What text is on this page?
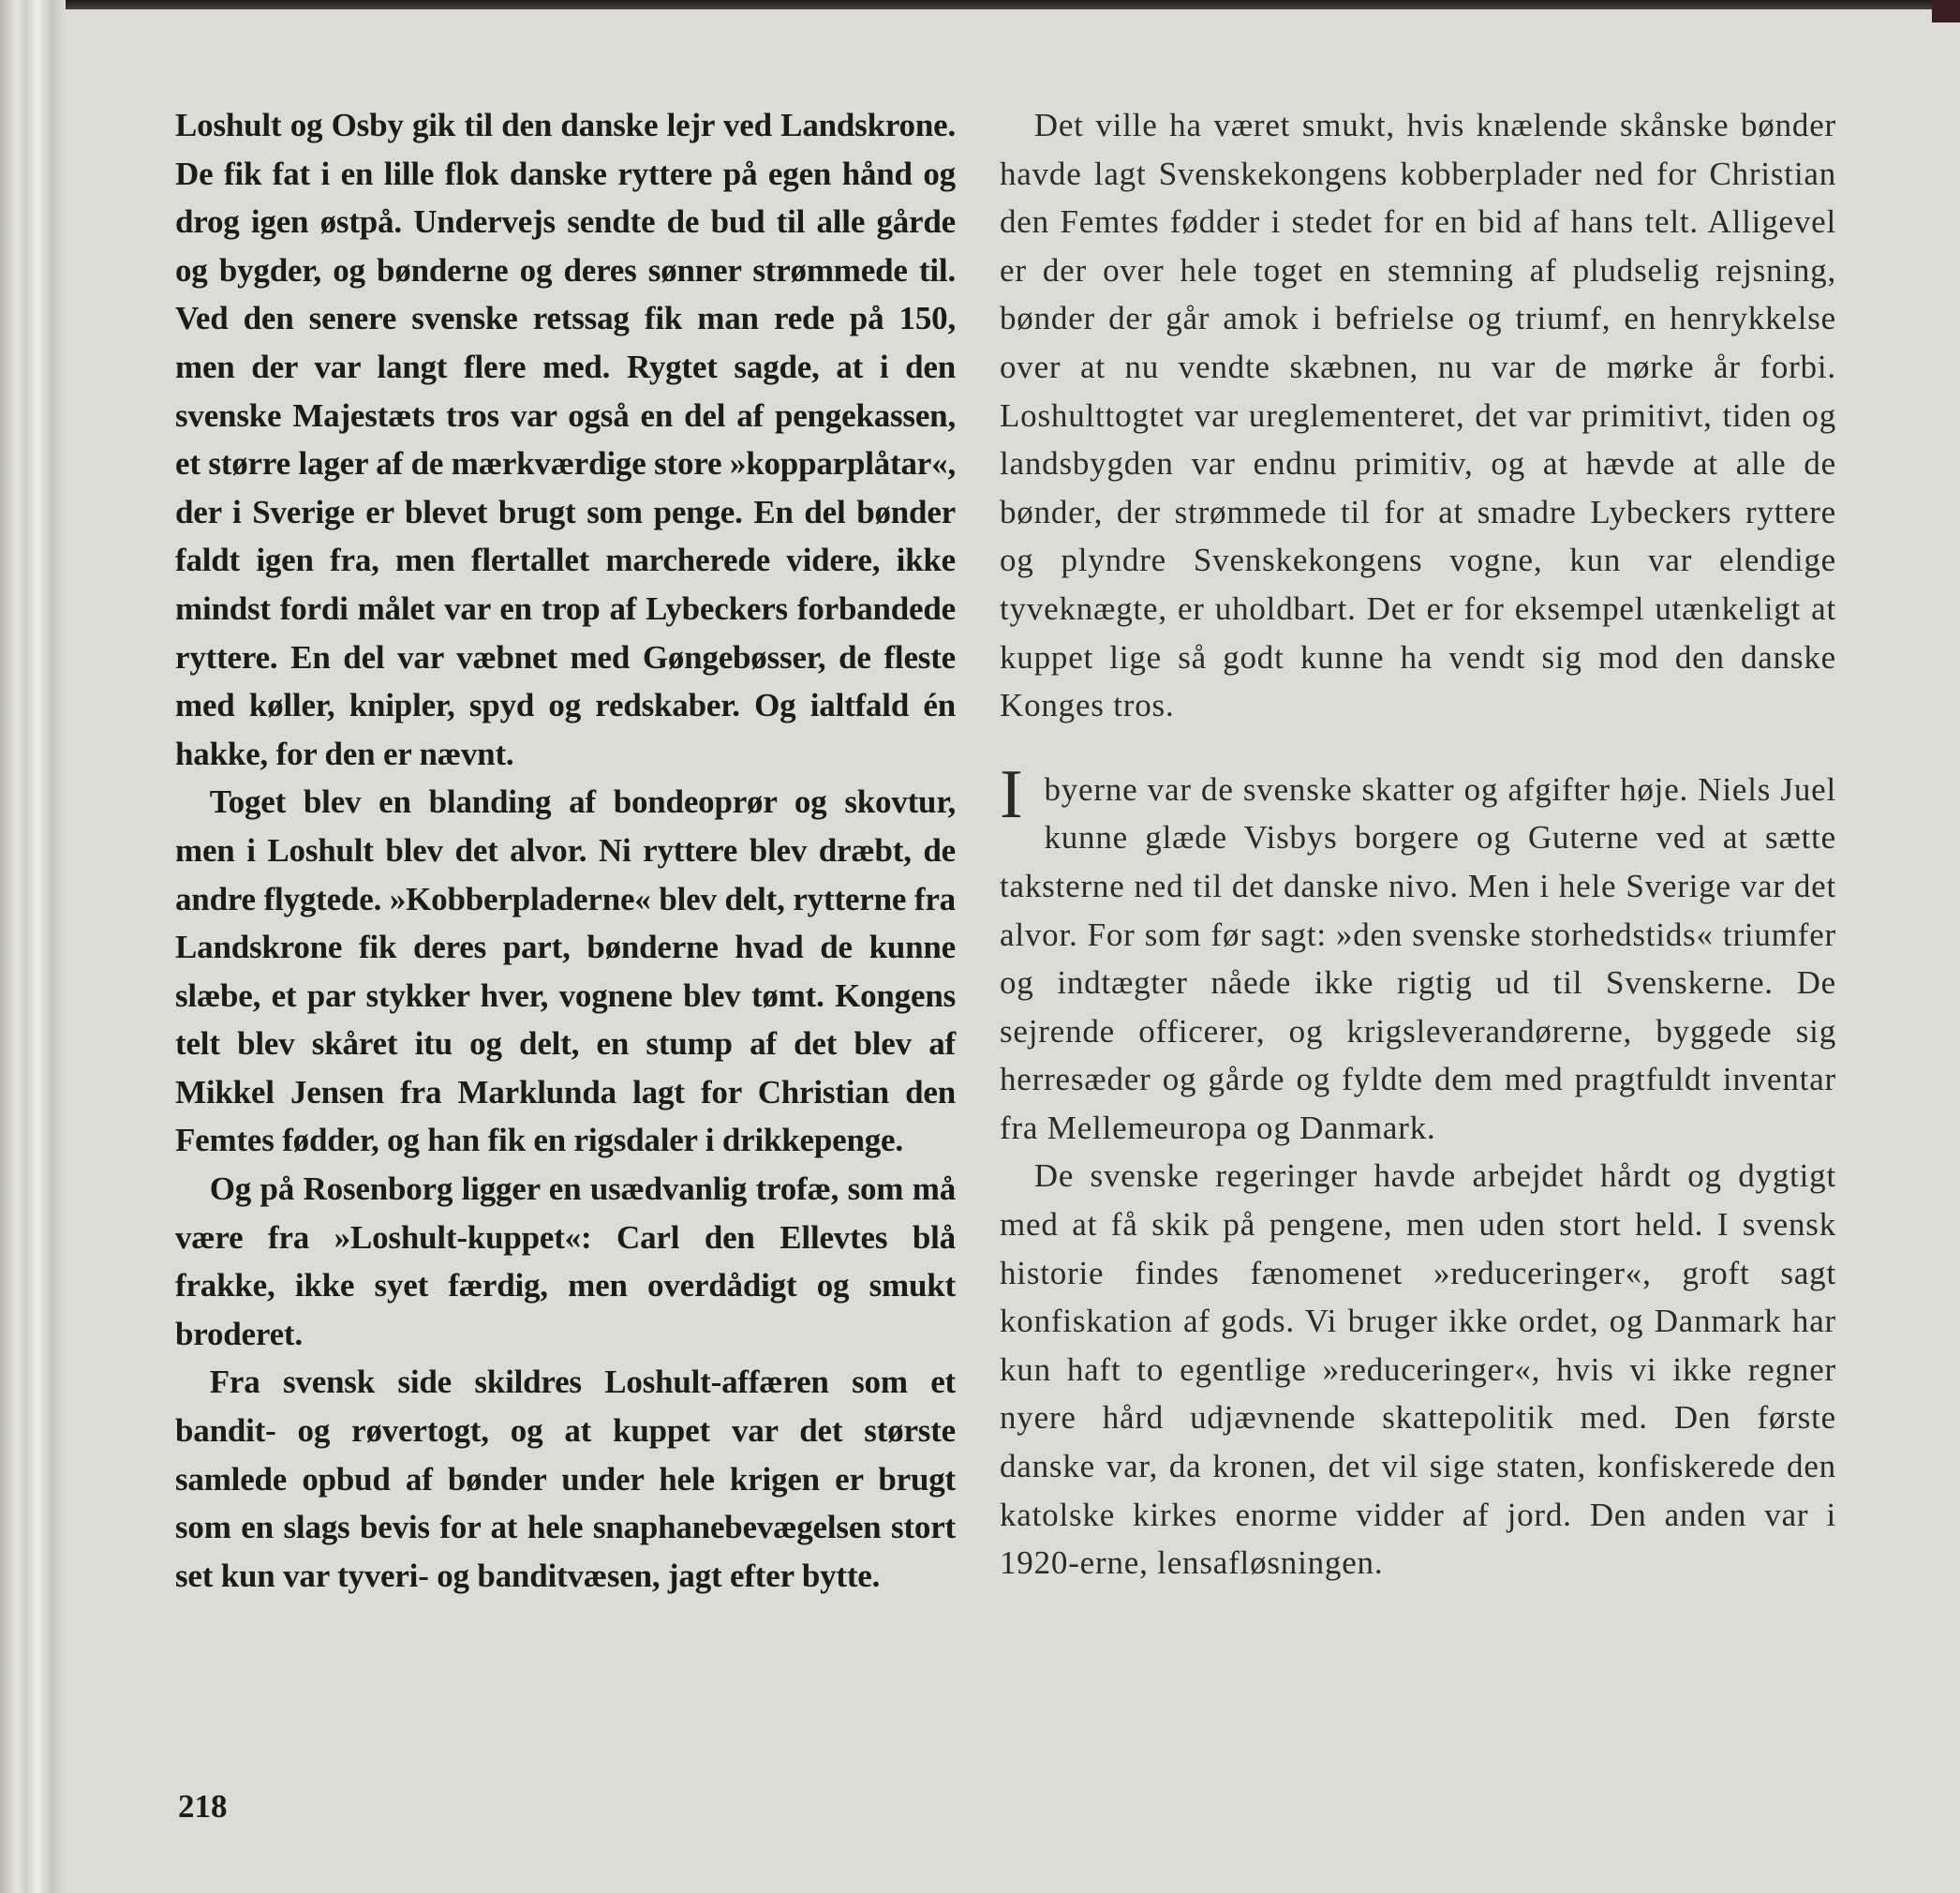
Loshult og Osby gik til den danske lejr ved Landskrone. De fik fat i en lille flok danske ryttere på egen hånd og drog igen østpå. Undervejs sendte de bud til alle gårde og bygder, og bønderne og deres sønner strømmede til. Ved den senere svenske retssag fik man rede på 150, men der var langt flere med. Rygtet sagde, at i den svenske Majestæts tros var også en del af pengekassen, et større lager af de mærkværdige store »kopparplåtar«, der i Sverige er blevet brugt som penge. En del bønder faldt igen fra, men flertallet marcherede videre, ikke mindst fordi målet var en trop af Lybeckers forbandede ryttere. En del var væbnet med Gøngebøsser, de fleste med køller, knipler, spyd og redskaber. Og ialtfald én hakke, for den er nævnt.

Toget blev en blanding af bondeoprør og skovtur, men i Loshult blev det alvor. Ni ryttere blev dræbt, de andre flygtede. »Kobberpladerne« blev delt, rytterne fra Landskrone fik deres part, bønderne hvad de kunne slæbe, et par stykker hver, vognene blev tømt. Kongens telt blev skåret itu og delt, en stump af det blev af Mikkel Jensen fra Marklunda lagt for Christian den Femtes fødder, og han fik en rigsdaler i drikkepenge.

Og på Rosenborg ligger en usædvanlig trofæ, som må være fra »Loshult-kuppet«: Carl den Ellevtes blå frakke, ikke syet færdig, men overdådigt og smukt broderet.

Fra svensk side skildres Loshult-affæren som et bandit- og røvertogt, og at kuppet var det største samlede opbud af bønder under hele krigen er brugt som en slags bevis for at hele snaphanebevægelsen stort set kun var tyveri- og banditvæsen, jagt efter bytte.

Det ville ha været smukt, hvis knælende skånske bønder havde lagt Svenskekongens kobberplader ned for Christian den Femtes fødder i stedet for en bid af hans telt. Alligevel er der over hele toget en stemning af pludselig rejsning, bønder der går amok i befrielse og triumf, en henrykkelse over at nu vendte skæbnen, nu var de mørke år forbi. Loshulttogtet var ureglementeret, det var primitivt, tiden og landsbygden var endnu primitiv, og at hævde at alle de bønder, der strømmede til for at smadre Lybeckers ryttere og plyndre Svenskekongens vogne, kun var elendige tyveknægte, er uholdbart. Det er for eksempel utænkeligt at kuppet lige så godt kunne ha vendt sig mod den danske Konges tros.

Ibyerne var de svenske skatter og afgifter høje. Niels Juel kunne glæde Visbys borgere og Guterne ved at sætte taksterne ned til det danske nivo. Men i hele Sverige var det alvor. For som før sagt: »den svenske storhedstids« triumfer og indtægter nåede ikke rigtig ud til Svenskerne. De sejrende officerer, og krigsleverandørerne, byggede sig herresæder og gårde og fyldte dem med pragtfuldt inventar fra Mellemeuropa og Danmark.

De svenske regeringer havde arbejdet hårdt og dygtigt med at få skik på pengene, men uden stort held. I svensk historie findes fænomenet »reduceringer«, groft sagt konfiskation af gods. Vi bruger ikke ordet, og Danmark har kun haft to egentlige »reduceringer«, hvis vi ikke regner nyere hård udjævnende skattepolitik med. Den første danske var, da kronen, det vil sige staten, konfiskerede den katolske kirkes enorme vidder af jord. Den anden var i 1920-erne, lensafløsningen.

218
